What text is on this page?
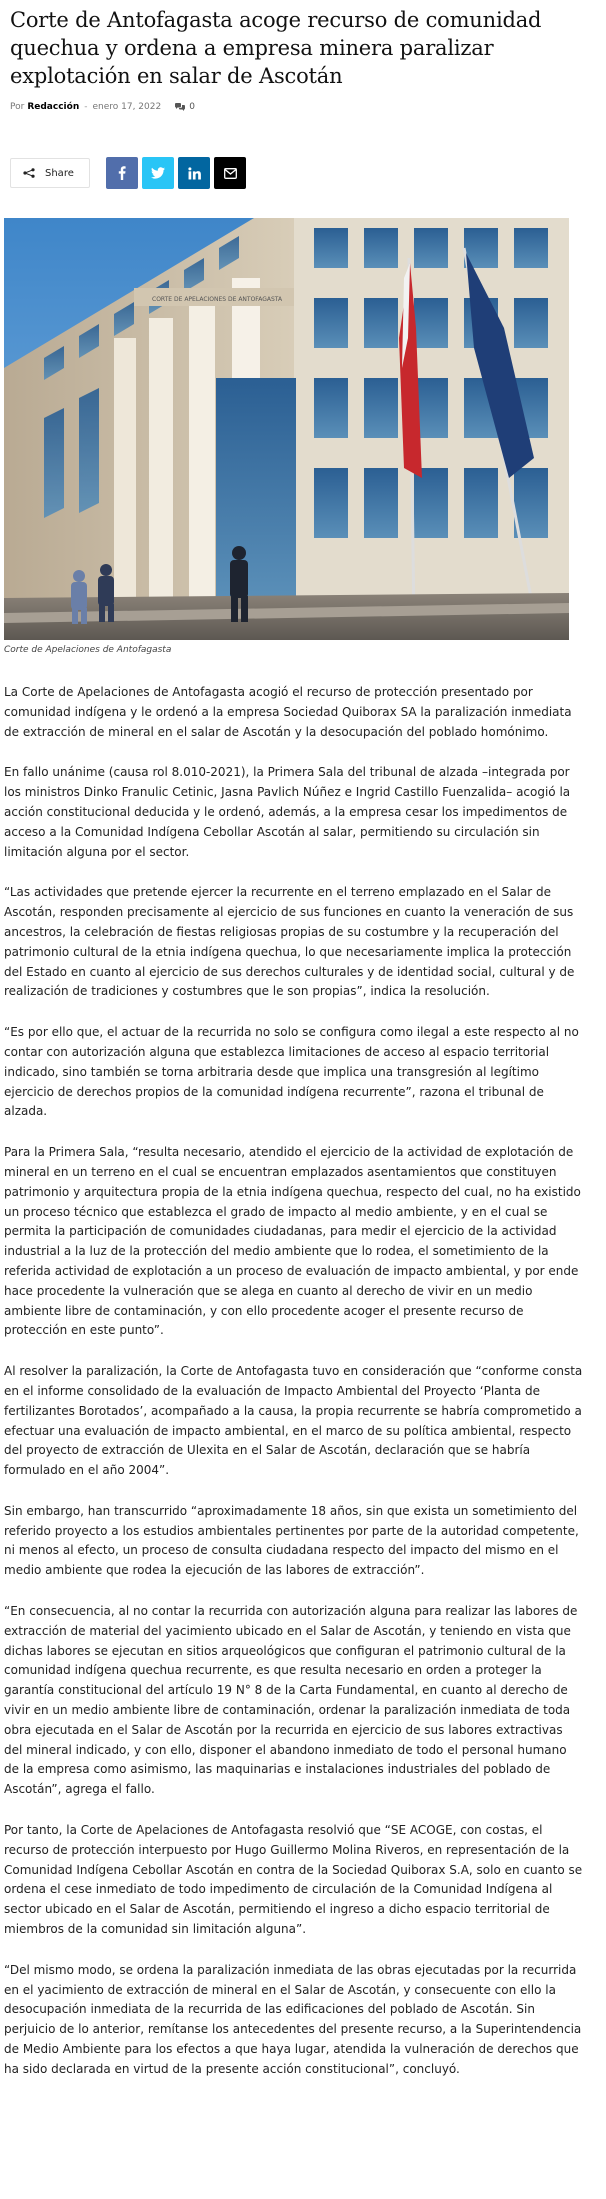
Corte de Antofagasta acoge recurso de comunidad quechua y ordena a empresa minera paralizar explotación en salar de Ascotán
Por Redacción - enero 17, 2022	0
Share
CORTE DE APELACIONES DE ANTOFAGASTA
Corte de Apelaciones de Antofagasta

La Corte de Apelaciones de Antofagasta acogió el recurso de protección presentado por comunidad indígena y le ordenó a la empresa Sociedad Quiborax SA la paralización inmediata de extracción de mineral en el salar de Ascotán y la desocupación del poblado homónimo.

En fallo unánime (causa rol 8.010-2021), la Primera Sala del tribunal de alzada –integrada por los ministros Dinko Franulic Cetinic, Jasna Pavlich Núñez e Ingrid Castillo Fuenzalida– acogió la acción constitucional deducida y le ordenó, además, a la empresa cesar los impedimentos de acceso a la Comunidad Indígena Cebollar Ascotán al salar, permitiendo su circulación sin limitación alguna por el sector.

“Las actividades que pretende ejercer la recurrente en el terreno emplazado en el Salar de Ascotán, responden precisamente al ejercicio de sus funciones en cuanto la veneración de sus ancestros, la celebración de fiestas religiosas propias de su costumbre y la recuperación del patrimonio cultural de la etnia indígena quechua, lo que necesariamente implica la protección del Estado en cuanto al ejercicio de sus derechos culturales y de identidad social, cultural y de realización de tradiciones y costumbres que le son propias”, indica la resolución.

“Es por ello que, el actuar de la recurrida no solo se configura como ilegal a este respecto al no contar con autorización alguna que establezca limitaciones de acceso al espacio territorial indicado, sino también se torna arbitraria desde que implica una transgresión al legítimo ejercicio de derechos propios de la comunidad indígena recurrente”, razona el tribunal de alzada.

Para la Primera Sala, “resulta necesario, atendido el ejercicio de la actividad de explotación de mineral en un terreno en el cual se encuentran emplazados asentamientos que constituyen patrimonio y arquitectura propia de la etnia indígena quechua, respecto del cual, no ha existido un proceso técnico que establezca el grado de impacto al medio ambiente, y en el cual se permita la participación de comunidades ciudadanas, para medir el ejercicio de la actividad industrial a la luz de la protección del medio ambiente que lo rodea, el sometimiento de la referida actividad de explotación a un proceso de evaluación de impacto ambiental, y por ende hace procedente la vulneración que se alega en cuanto al derecho de vivir en un medio ambiente libre de contaminación, y con ello procedente acoger el presente recurso de protección en este punto”.

Al resolver la paralización, la Corte de Antofagasta tuvo en consideración que “conforme consta en el informe consolidado de la evaluación de Impacto Ambiental del Proyecto ‘Planta de fertilizantes Borotados’, acompañado a la causa, la propia recurrente se habría comprometido a efectuar una evaluación de impacto ambiental, en el marco de su política ambiental, respecto del proyecto de extracción de Ulexita en el Salar de Ascotán, declaración que se habría formulado en el año 2004”.

Sin embargo, han transcurrido “aproximadamente 18 años, sin que exista un sometimiento del referido proyecto a los estudios ambientales pertinentes por parte de la autoridad competente, ni menos al efecto, un proceso de consulta ciudadana respecto del impacto del mismo en el medio ambiente que rodea la ejecución de las labores de extracción”.

“En consecuencia, al no contar la recurrida con autorización alguna para realizar las labores de extracción de material del yacimiento ubicado en el Salar de Ascotán, y teniendo en vista que dichas labores se ejecutan en sitios arqueológicos que configuran el patrimonio cultural de la comunidad indígena quechua recurrente, es que resulta necesario en orden a proteger la garantía constitucional del artículo 19 N° 8 de la Carta Fundamental, en cuanto al derecho de vivir en un medio ambiente libre de contaminación, ordenar la paralización inmediata de toda obra ejecutada en el Salar de Ascotán por la recurrida en ejercicio de sus labores extractivas del mineral indicado, y con ello, disponer el abandono inmediato de todo el personal humano de la empresa como asimismo, las maquinarias e instalaciones industriales del poblado de Ascotán”, agrega el fallo.

Por tanto, la Corte de Apelaciones de Antofagasta resolvió que “SE ACOGE, con costas, el recurso de protección interpuesto por Hugo Guillermo Molina Riveros, en representación de la Comunidad Indígena Cebollar Ascotán en contra de la Sociedad Quiborax S.A, solo en cuanto se ordena el cese inmediato de todo impedimento de circulación de la Comunidad Indígena al sector ubicado en el Salar de Ascotán, permitiendo el ingreso a dicho espacio territorial de miembros de la comunidad sin limitación alguna”.

“Del mismo modo, se ordena la paralización inmediata de las obras ejecutadas por la recurrida en el yacimiento de extracción de mineral en el Salar de Ascotán, y consecuente con ello la desocupación inmediata de la recurrida de las edificaciones del poblado de Ascotán. Sin perjuicio de lo anterior, remítanse los antecedentes del presente recurso, a la Superintendencia de Medio Ambiente para los efectos a que haya lugar, atendida la vulneración de derechos que ha sido declarada en virtud de la presente acción constitucional”, concluyó.
